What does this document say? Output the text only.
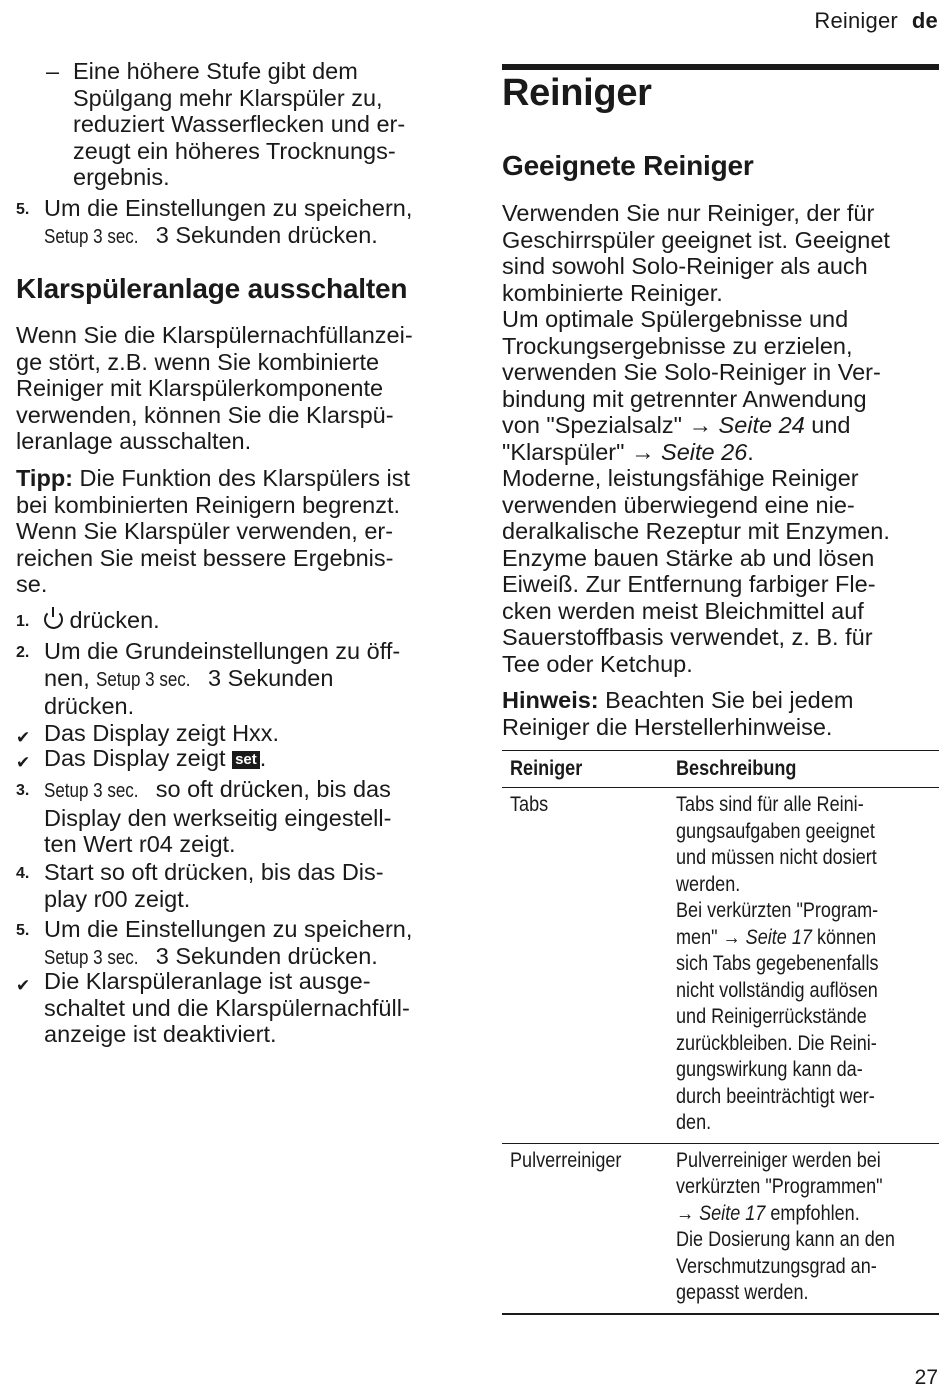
Reiniger de
– Eine höhere Stufe gibt dem
Spülgang mehr Klarspüler zu,
reduziert Wasserflecken und er-
zeugt ein höheres Trocknungs-
ergebnis.
5. Um die Einstellungen zu speichern,
Setup 3 sec. 3 Sekunden drücken.
Klarspüleranlage ausschalten
Wenn Sie die Klarspülernachfüllanzei-
ge stört, z.B. wenn Sie kombinierte
Reiniger mit Klarspülerkomponente
verwenden, können Sie die Klarspü-
leranlage ausschalten.
Tipp: Die Funktion des Klarspülers ist
bei kombinierten Reinigern begrenzt.
Wenn Sie Klarspüler verwenden, er-
reichen Sie meist bessere Ergebnis-
se.
1.	drücken.
2. Um die Grundeinstellungen zu öff-
nen, Setup 3 sec. 3 Sekunden
drücken.
✔ Das Display zeigt Hxx.
✔ Das Display zeigt set .
3. Setup 3 sec. so oft drücken, bis das
Display den werkseitig eingestell-
ten Wert r04 zeigt.
4. Start so oft drücken, bis das Dis-
play r00 zeigt.
5. Um die Einstellungen zu speichern,
Setup 3 sec. 3 Sekunden drücken.
✔ Die Klarspüleranlage ist ausge-
schaltet und die Klarspülernachfüll-
anzeige ist deaktiviert.
Reiniger
Geeignete Reiniger
Verwenden Sie nur Reiniger, der für
Geschirrspüler geeignet ist. Geeignet
sind sowohl Solo-Reiniger als auch
kombinierte Reiniger.
Um optimale Spülergebnisse und
Trockungsergebnisse zu erzielen,
verwenden Sie Solo-Reiniger in Ver-
bindung mit getrennter Anwendung
von "Spezialsalz" → Seite 24 und
"Klarspüler" → Seite 26.
Moderne, leistungsfähige Reiniger
verwenden überwiegend eine nie-
deralkalische Rezeptur mit Enzymen.
Enzyme bauen Stärke ab und lösen
Eiweiß. Zur Entfernung farbiger Fle-
cken werden meist Bleichmittel auf
Sauerstoffbasis verwendet, z. B. für
Tee oder Ketchup.
Hinweis: Beachten Sie bei jedem
Reiniger die Herstellerhinweise.
Reiniger	Beschreibung
Tabs	Tabs sind für alle Reini-
gungsaufgaben geeignet
und müssen nicht dosiert
werden.
Bei verkürzten "Program-
men" → Seite 17 können
sich Tabs gegebenenfalls
nicht vollständig auflösen
und Reinigerrückstände
zurückbleiben. Die Reini-
gungswirkung kann da-
durch beeinträchtigt wer-
den.
Pulverreiniger	Pulverreiniger werden bei
verkürzten "Programmen"
→ Seite 17 empfohlen.
Die Dosierung kann an den
Verschmutzungsgrad an-
gepasst werden.
27
